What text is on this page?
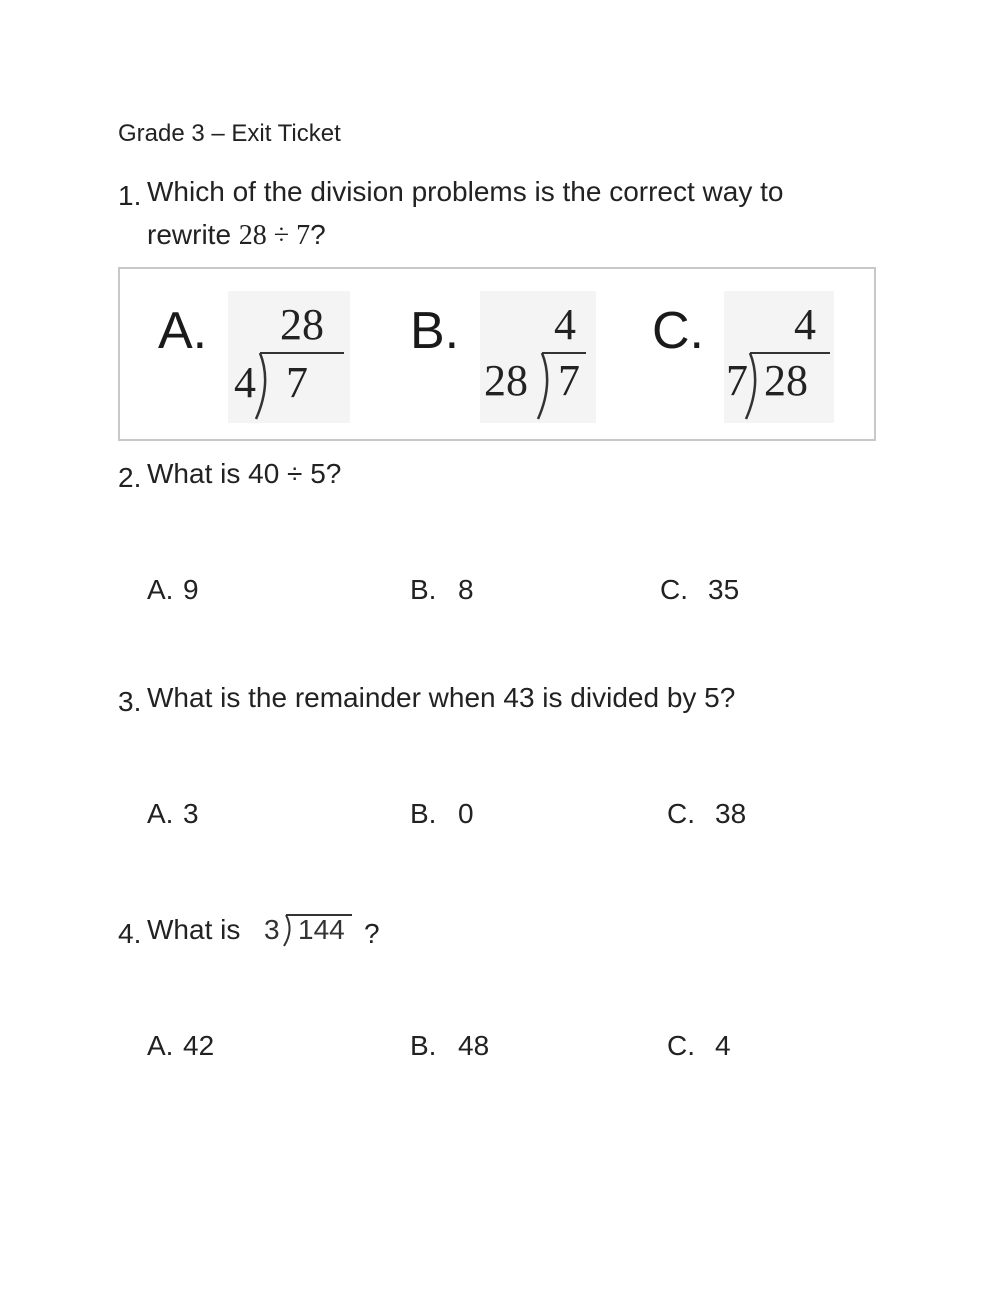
Grade 3 – Exit Ticket
1. Which of the division problems is the correct way to
rewrite 28 ÷ 7?
A. 28
4 7
B. 4
28 7
C. 4
7 28
2. What is 40 ÷ 5?
A. 9	B. 8	C. 35
3. What is the remainder when 43 is divided by 5?
A. 3	B. 0	C. 38
4. What is 3 144 ?
A. 42	B. 48	C. 4
